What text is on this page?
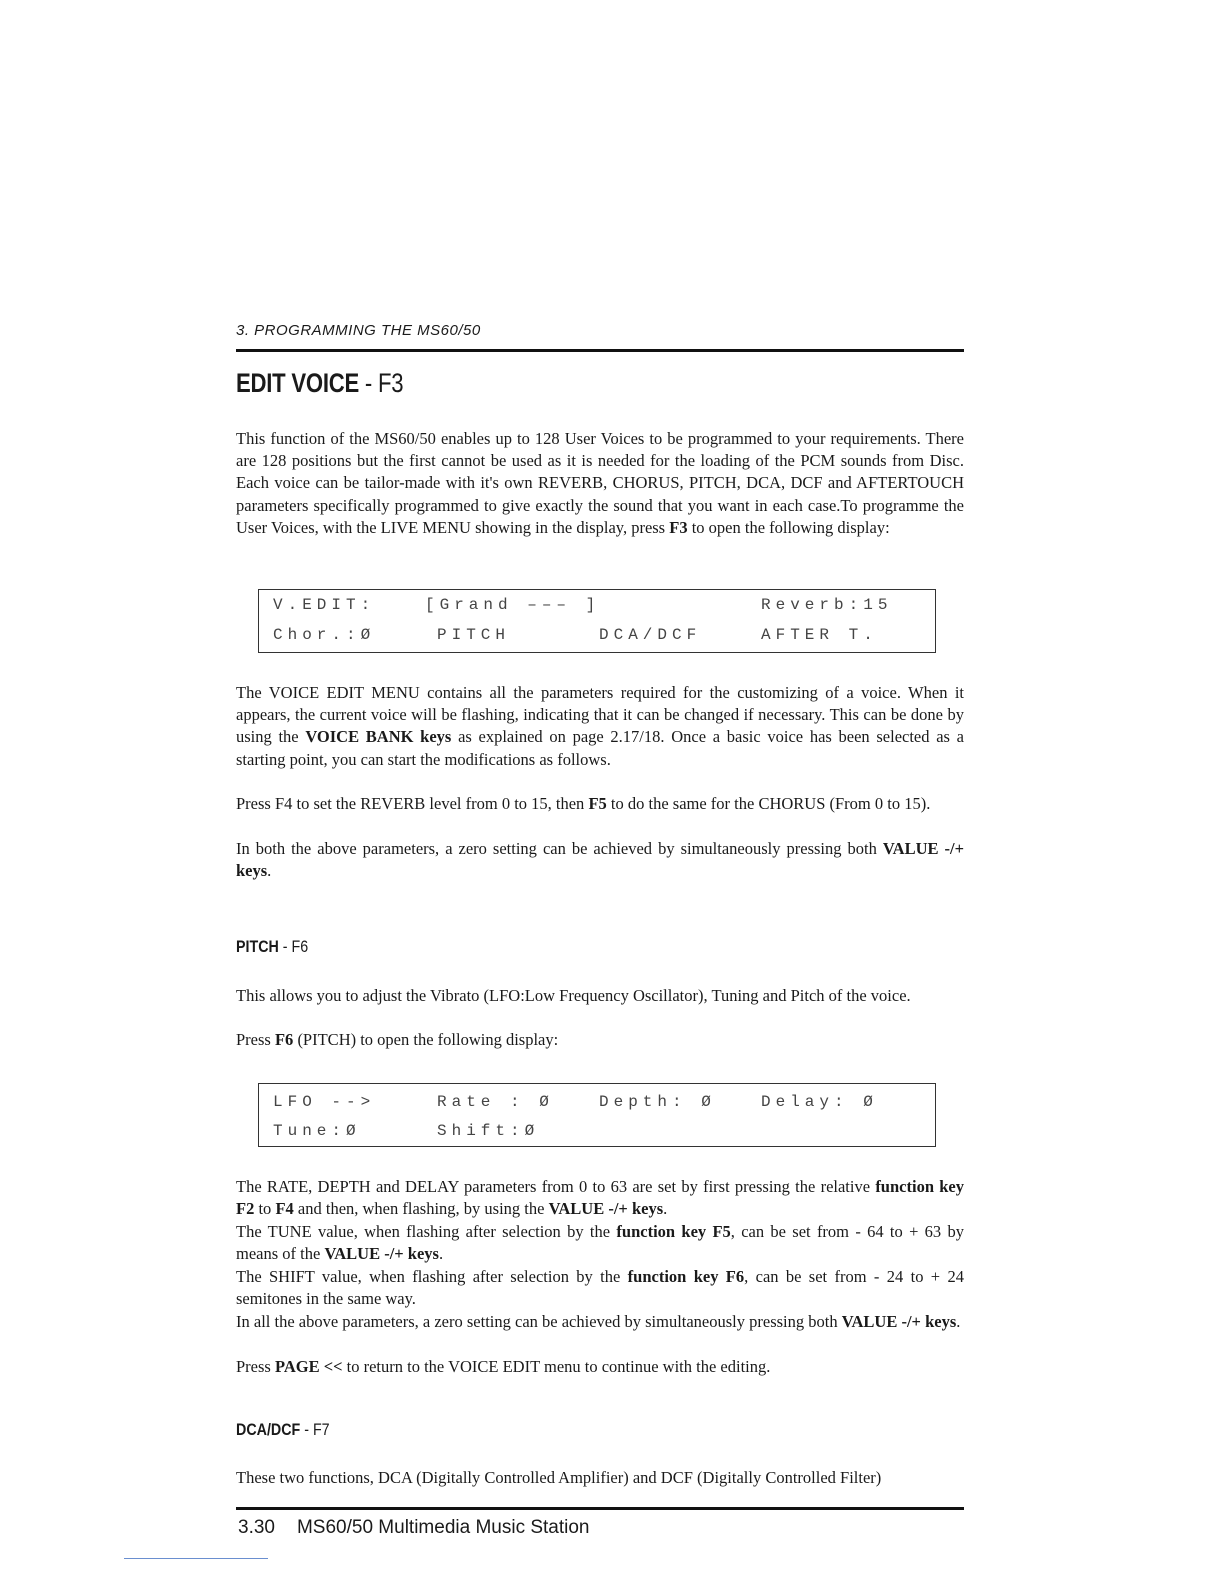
3. PROGRAMMING THE MS60/50
EDIT VOICE - F3

This function of the MS60/50 enables up to 128 User Voices to be programmed to your requirements. There are 128 positions but the first cannot be used as it is needed for the loading of the PCM sounds from Disc. Each voice can be tailor-made with it's own REVERB, CHORUS, PITCH, DCA, DCF and AFTERTOUCH parameters specifically programmed to give exactly the sound that you want in each case.To programme the User Voices, with the LIVE MENU showing in the display, press F3 to open the following display:

V.EDIT:	[Grand ––– ]	Reverb:15
Chor.:Ø	PITCH	DCA/DCF	AFTER T.

The VOICE EDIT MENU contains all the parameters required for the customizing of a voice. When it appears, the current voice will be flashing, indicating that it can be changed if necessary. This can be done by using the VOICE BANK keys as explained on page 2.17/18. Once a basic voice has been selected as a starting point, you can start the modifications as follows.

Press F4 to set the REVERB level from 0 to 15, then F5 to do the same for the CHORUS (From 0 to 15).

In both the above parameters, a zero setting can be achieved by simultaneously pressing both VALUE -/+ keys.

PITCH - F6

This allows you to adjust the Vibrato (LFO:Low Frequency Oscillator), Tuning and Pitch of the voice.

Press F6 (PITCH) to open the following display:

LFO -->	Rate : Ø	Depth: Ø	Delay: Ø
Tune:Ø	Shift:Ø

The RATE, DEPTH and DELAY parameters from 0 to 63 are set by first pressing the relative function key F2 to F4 and then, when flashing, by using the VALUE -/+ keys.

The TUNE value, when flashing after selection by the function key F5, can be set from - 64 to + 63 by means of the VALUE -/+ keys.

The SHIFT value, when flashing after selection by the function key F6, can be set from - 24 to + 24 semitones in the same way.

In all the above parameters, a zero setting can be achieved by simultaneously pressing both VALUE -/+ keys.

Press PAGE << to return to the VOICE EDIT menu to continue with the editing.

DCA/DCF - F7

These two functions, DCA (Digitally Controlled Amplifier) and DCF (Digitally Controlled Filter)

3.30 MS60/50 Multimedia Music Station
